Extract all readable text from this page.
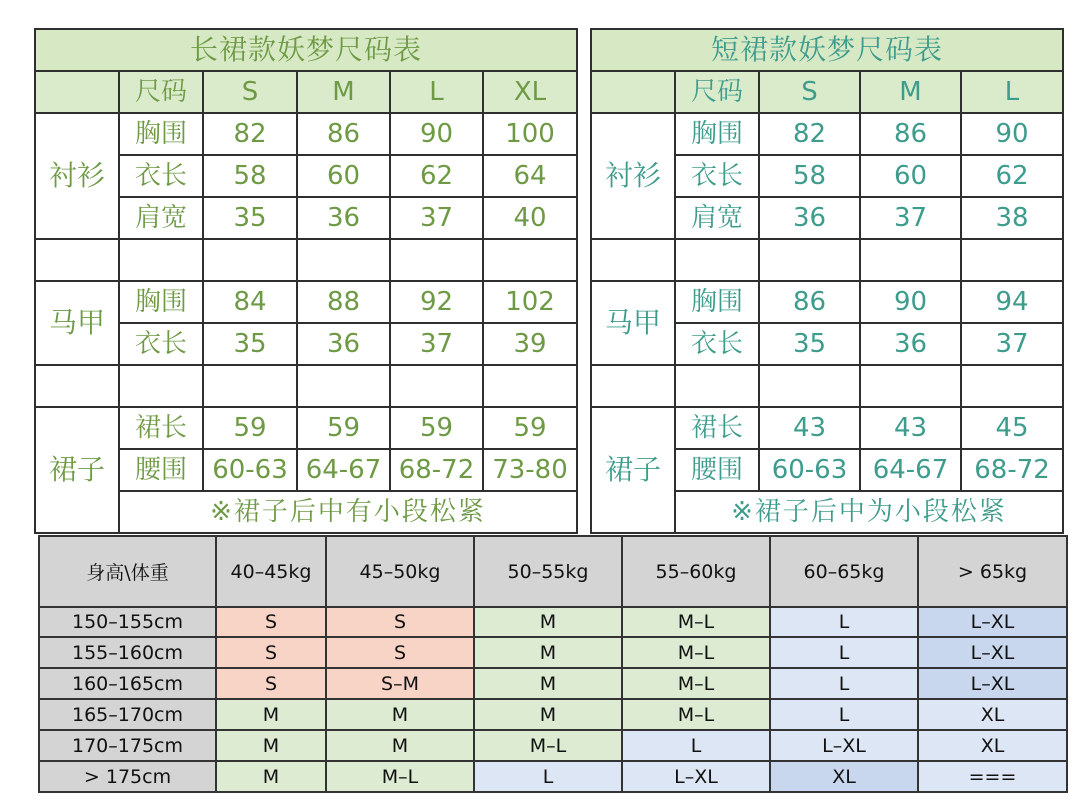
长裙款妖梦尺码表					
	尺码	S	M	L	XL
衬衫	胸围	82	86	90	100
	衣长	58	60	62	64
	肩宽	35	36	37	40

马甲	胸围	84	88	92	102
	衣长	35	36	37	39

裙子	裙长	59	59	59	59
	腰围	60-63	64-67	68-72	73-80
	※裙子后中有小段松紧				
短裙款妖梦尺码表				
	尺码	S	M	L
衬衫	胸围	82	86	90
	衣长	58	60	62
	肩宽	36	37	38

马甲	胸围	86	90	94
	衣长	35	36	37

裙子	裙长	43	43	45
	腰围	60-63	64-67	68-72
	※裙子后中为小段松紧			
身高\体重	40–45kg	45–50kg	50–55kg	55–60kg	60–65kg	> 65kg
150–155cm	S	S	M	M–L	L	L–XL
155–160cm	S	S	M	M–L	L	L–XL
160–165cm	S	S–M	M	M–L	L	L–XL
165–170cm	M	M	M	M–L	L	XL
170–175cm	M	M	M–L	L	L–XL	XL
> 175cm	M	M–L	L	L–XL	XL	===
